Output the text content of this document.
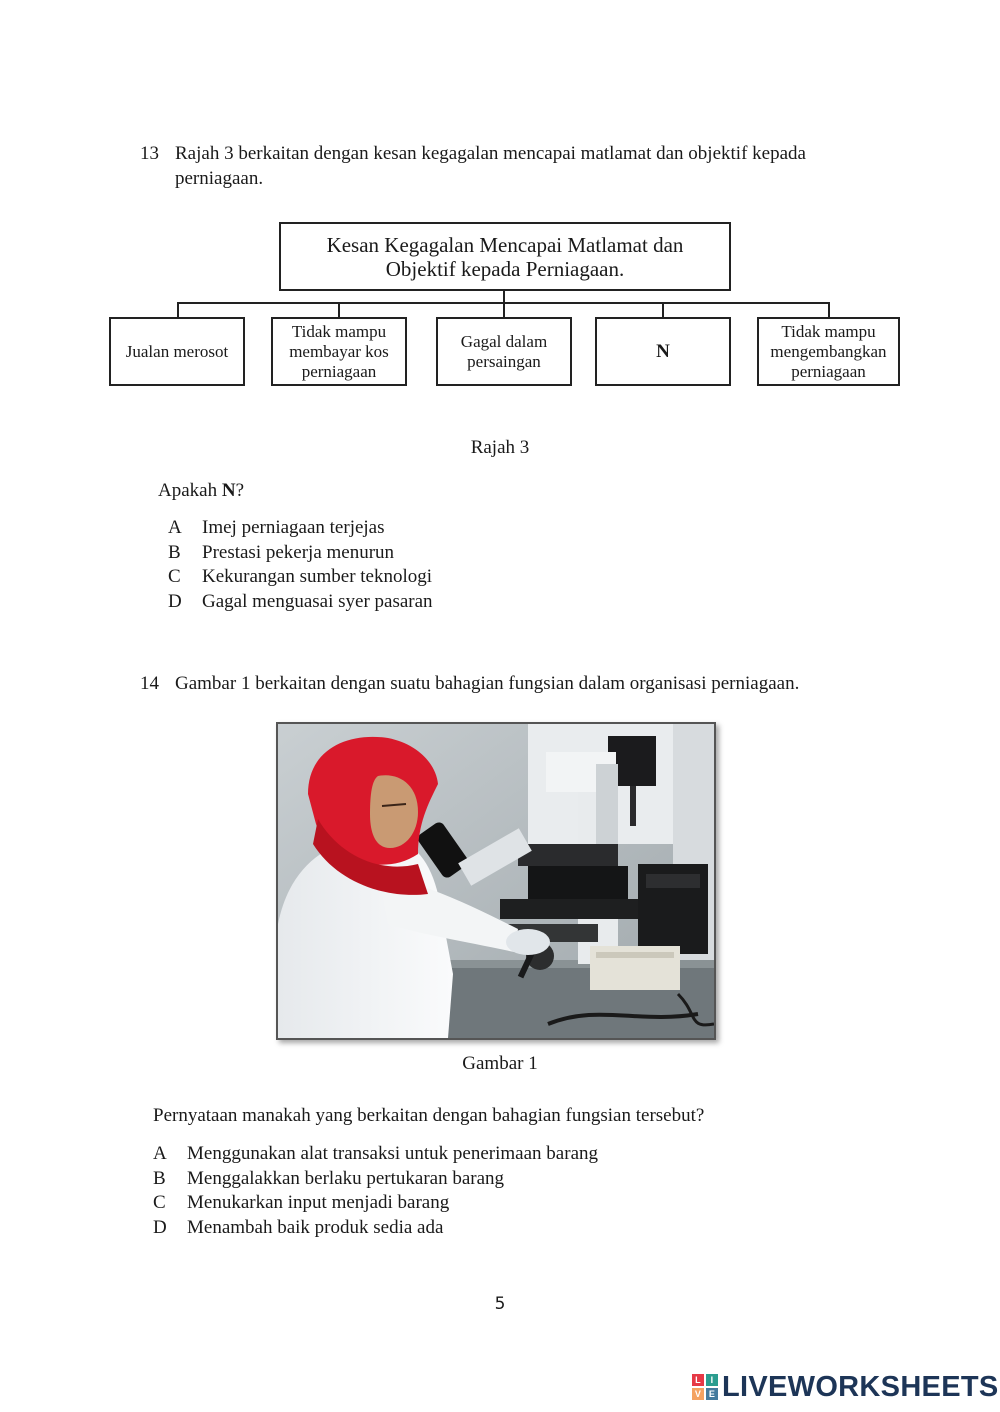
13 Rajah 3 berkaitan dengan kesan kegagalan mencapai matlamat dan objektif kepada
perniagaan.
Kesan Kegagalan Mencapai Matlamat dan
Objektif kepada Perniagaan.
Jualan merosot
Tidak mampu
membayar kos
perniagaan
Gagal dalam
persaingan	N
Tidak mampu
mengembangkan
perniagaan
Rajah 3
Apakah N?
A Imej perniagaan terjejas
B Prestasi pekerja menurun
C Kekurangan sumber teknologi
D Gagal menguasai syer pasaran
14 Gambar 1 berkaitan dengan suatu bahagian fungsian dalam organisasi perniagaan.
Gambar 1
Pernyataan manakah yang berkaitan dengan bahagian fungsian tersebut?
A Menggunakan alat transaksi untuk penerimaan barang
B Menggalakkan berlaku pertukaran barang
C Menukarkan input menjadi barang
D Menambah baik produk sedia ada
5
L	I
V E LIVEWORKSHEETS
